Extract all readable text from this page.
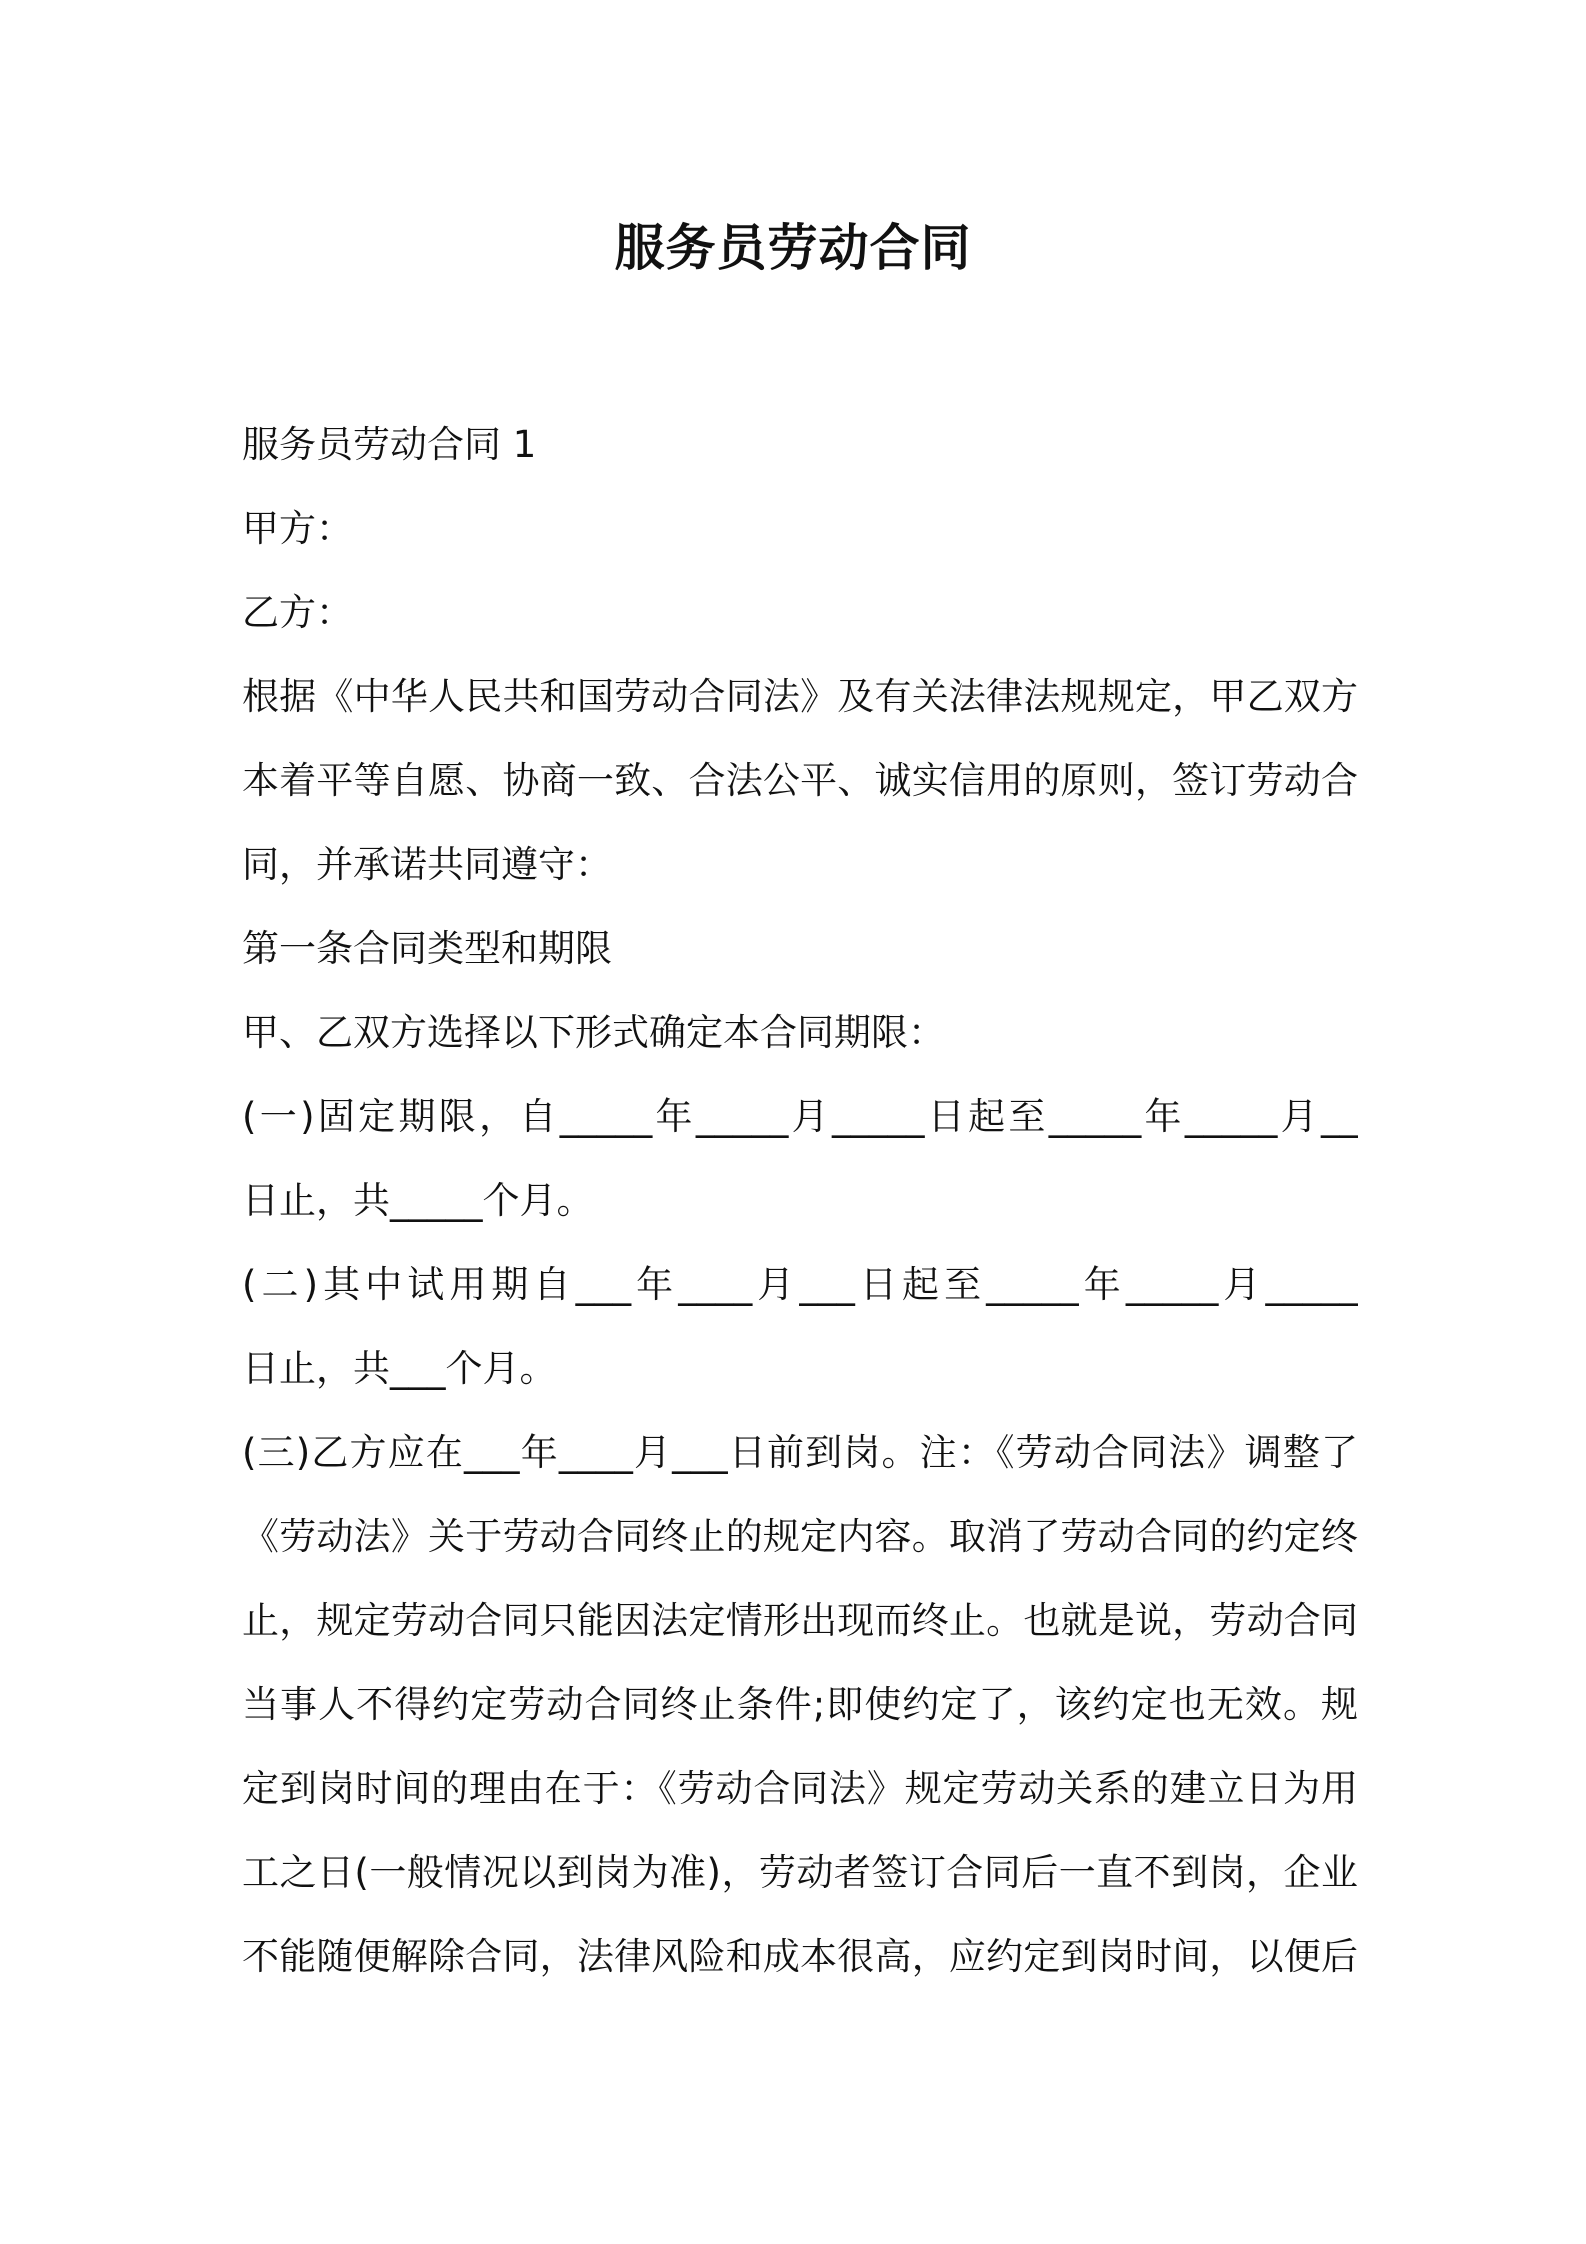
服务员劳动合同
服务员劳动合同 1
甲方：
乙方：
根据《中华人民共和国劳动合同法》及有关法律法规规定，甲乙双方
本着平等自愿、协商一致、合法公平、诚实信用的原则，签订劳动合
同，并承诺共同遵守：
第一条合同类型和期限
甲、乙双方选择以下形式确定本合同期限：
(一)固定期限，自_____年_____月_____日起至_____年_____月__
日止，共_____个月。
(二)其中试用期自___年____月___日起至_____年_____月_____
日止，共___个月。
(三)乙方应在___年____月___日前到岗。注：《劳动合同法》调整了
《劳动法》关于劳动合同终止的规定内容。取消了劳动合同的约定终
止，规定劳动合同只能因法定情形出现而终止。也就是说，劳动合同
当事人不得约定劳动合同终止条件;即使约定了，该约定也无效。规
定到岗时间的理由在于：《劳动合同法》规定劳动关系的建立日为用
工之日(一般情况以到岗为准)，劳动者签订合同后一直不到岗，企业
不能随便解除合同，法律风险和成本很高，应约定到岗时间，以便后
